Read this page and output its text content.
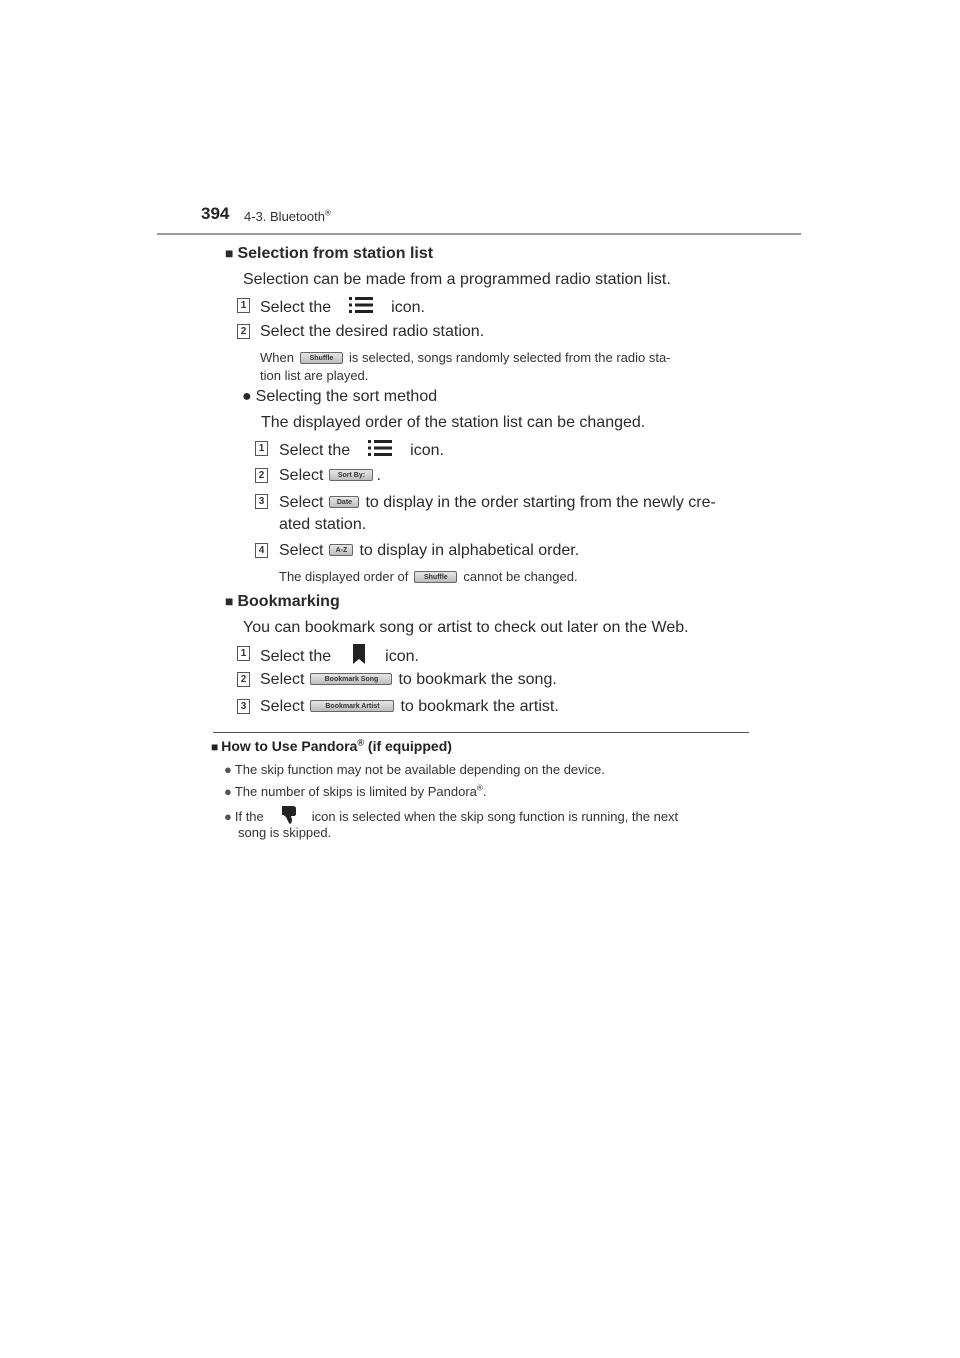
394 4-3. Bluetooth®
■ Selection from station list
Selection can be made from a programmed radio station list.
1 Select the	icon.
2 Select the desired radio station.
When Shuffle is selected, songs randomly selected from the radio sta-
tion list are played.
● Selecting the sort method
The displayed order of the station list can be changed.
1 Select the	icon.
2 Select Sort By: .
3 Select Date to display in the order starting from the newly cre-
ated station.
4 Select A-Z to display in alphabetical order.
The displayed order of Shuffle cannot be changed.
■ Bookmarking
You can bookmark song or artist to check out later on the Web.
1 Select the	icon.
2 Select	Bookmark Song to bookmark the song.
3 Select	Bookmark Artist to bookmark the artist.
■ How to Use Pandora® (if equipped)
● The skip function may not be available depending on the device.
● The number of skips is limited by Pandora®.
● If the	icon is selected when the skip song function is running, the next
song is skipped.
